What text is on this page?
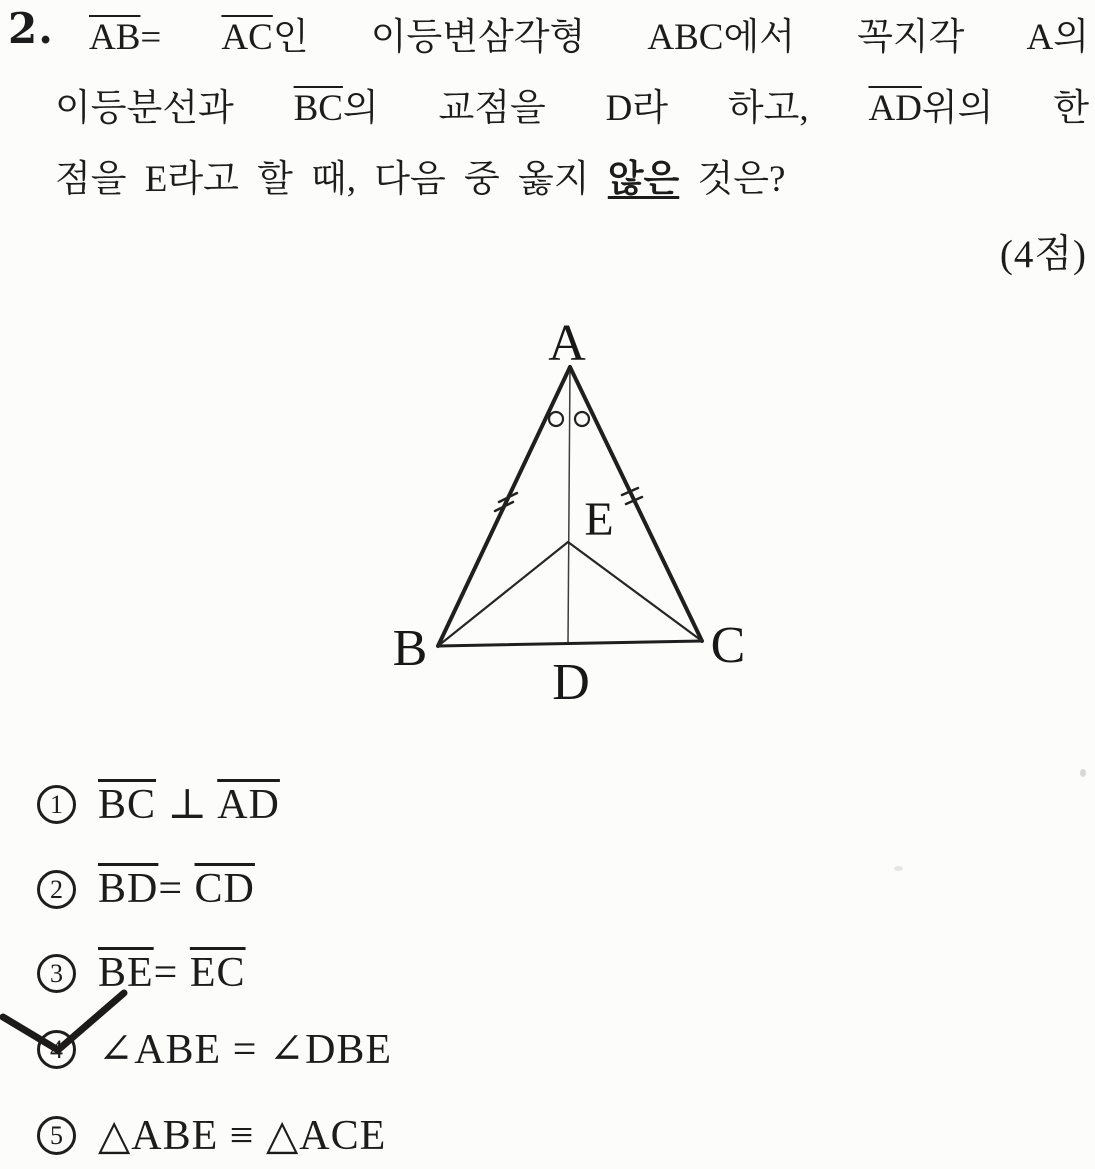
2. $\overline{AB}= \overline{AC}$인 이등변삼각형 ABC에서 꼭지각 A의
이등분선과 $\overline{BC}$의 교점을 D라 하고, $\overline{AD}$위의 한
점을 E라고 할 때, 다음 중 옳지 않은 것은?
(4점)
A
B	C
D
E
1 $\overline{BC}$ ⊥ $\overline{AD}$
2 $\overline{BD}= \overline{CD}$
3 $\overline{BE}= \overline{EC}$
4 ∠ABE = ∠DBE
5 △ABE ≡ △ACE
